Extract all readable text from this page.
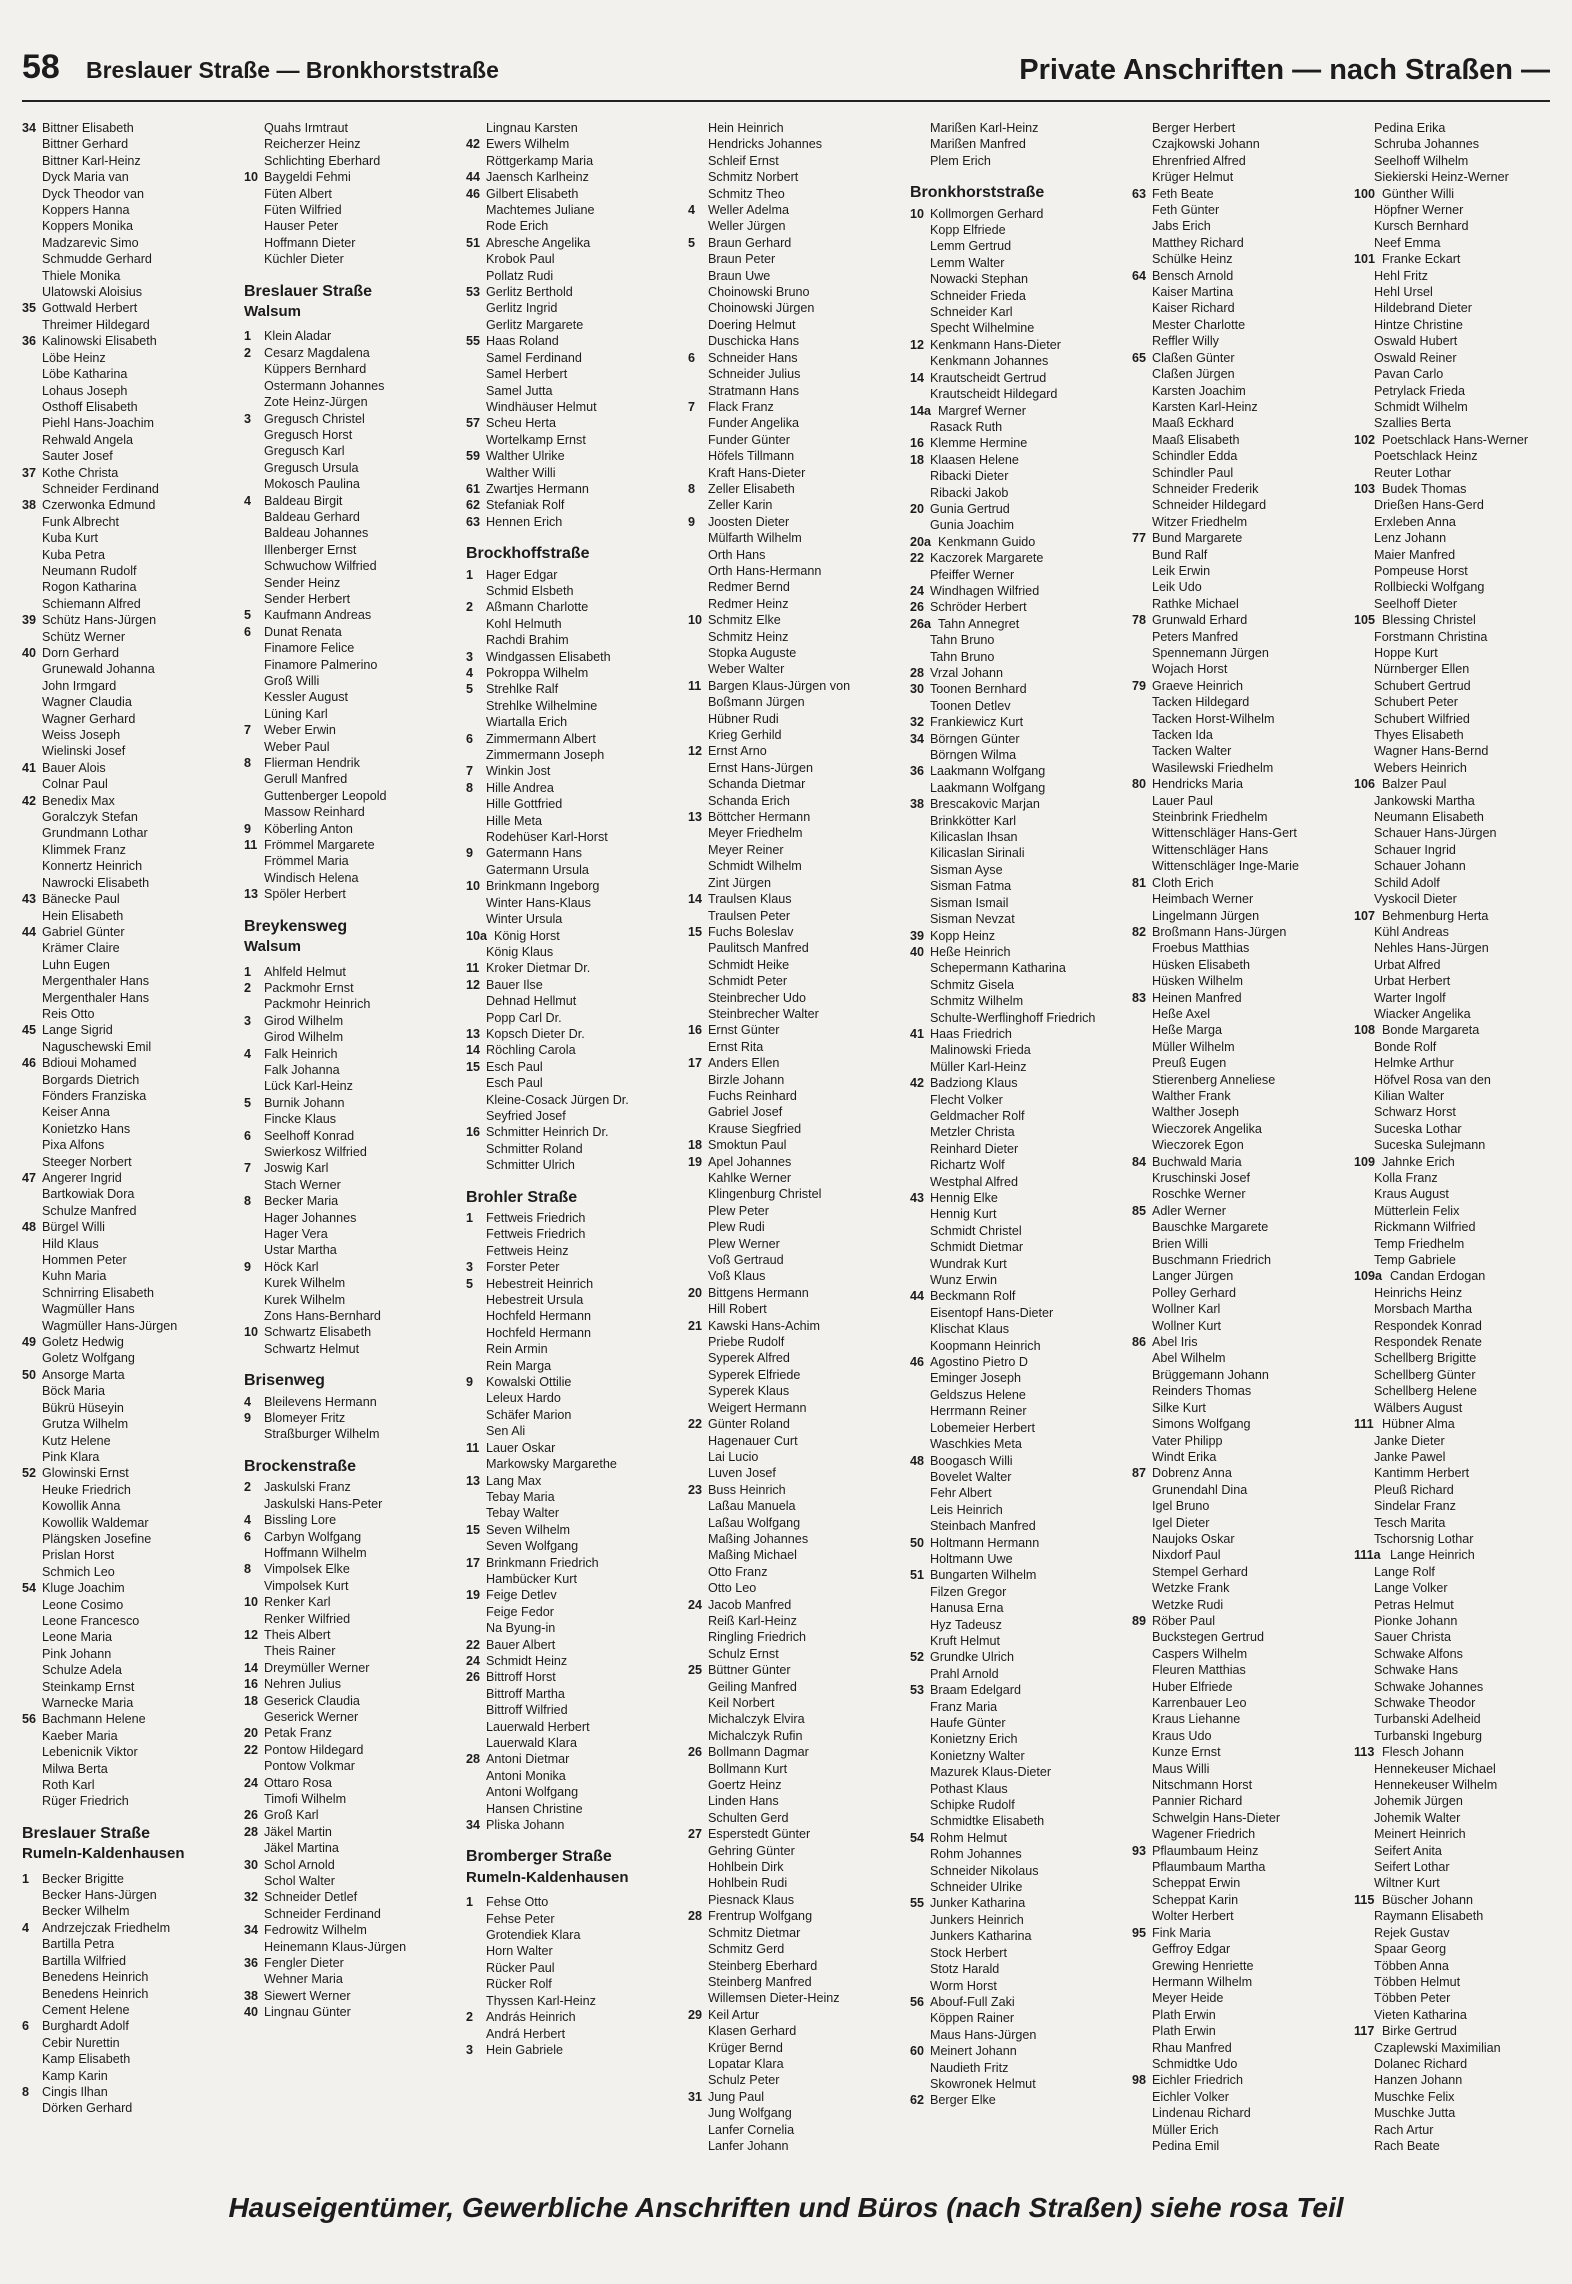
58 Breslauer Straße — Bronkhorststraße	Private Anschriften — nach Straßen —
34 Bittner Elisabeth
Bittner Gerhard
Bittner Karl-Heinz
Dyck Maria van
Dyck Theodor van
Koppers Hanna
Koppers Monika
Madzarevic Simo
Schmudde Gerhard
Thiele Monika
Ulatowski Aloisius
35 Gottwald Herbert
Threimer Hildegard
36 Kalinowski Elisabeth
Löbe Heinz
Löbe Katharina
Lohaus Joseph
Osthoff Elisabeth
Piehl Hans-Joachim
Rehwald Angela
Sauter Josef
37 Kothe Christa
Schneider Ferdinand
38 Czerwonka Edmund
Funk Albrecht
Kuba Kurt
Kuba Petra
Neumann Rudolf
Rogon Katharina
Schiemann Alfred
39 Schütz Hans-Jürgen
Schütz Werner
40 Dorn Gerhard
Grunewald Johanna
John Irmgard
Wagner Claudia
Wagner Gerhard
Weiss Joseph
Wielinski Josef
41 Bauer Alois
Colnar Paul
42 Benedix Max
Goralczyk Stefan
Grundmann Lothar
Klimmek Franz
Konnertz Heinrich
Nawrocki Elisabeth
43 Bänecke Paul
Hein Elisabeth
44 Gabriel Günter
Krämer Claire
Luhn Eugen
Mergenthaler Hans
Mergenthaler Hans
Reis Otto
45 Lange Sigrid
Naguschewski Emil
46 Bdioui Mohamed
Borgards Dietrich
Fönders Franziska
Keiser Anna
Konietzko Hans
Pixa Alfons
Steeger Norbert
47 Angerer Ingrid
Bartkowiak Dora
Schulze Manfred
48 Bürgel Willi
Hild Klaus
Hommen Peter
Kuhn Maria
Schnirring Elisabeth
Wagmüller Hans
Wagmüller Hans-Jürgen
49 Goletz Hedwig
Goletz Wolfgang
50 Ansorge Marta
Böck Maria
Bükrü Hüseyin
Grutza Wilhelm
Kutz Helene
Pink Klara
52 Glowinski Ernst
Heuke Friedrich
Kowollik Anna
Kowollik Waldemar
Plängsken Josefine
Prislan Horst
Schmich Leo
54 Kluge Joachim
Leone Cosimo
Leone Francesco
Leone Maria
Pink Johann
Schulze Adela
Steinkamp Ernst
Warnecke Maria
56 Bachmann Helene
Kaeber Maria
Lebenicnik Viktor
Milwa Berta
Roth Karl
Rüger Friedrich
Breslauer Straße
Rumeln-Kaldenhausen
1 Becker Brigitte
Becker Hans-Jürgen
Becker Wilhelm
4 Andrzejczak Friedhelm
Bartilla Petra
Bartilla Wilfried
Benedens Heinrich
Benedens Heinrich
Cement Helene
6 Burghardt Adolf
Cebir Nurettin
Kamp Elisabeth
Kamp Karin
8 Cingis Ilhan
Dörken Gerhard
Quahs Irmtraut
Reicherzer Heinz
Schlichting Eberhard
10 Baygeldi Fehmi
Füten Albert
Füten Wilfried
Hauser Peter
Hoffmann Dieter
Küchler Dieter
Breslauer Straße
Walsum
1 Klein Aladar
2 Cesarz Magdalena
Küppers Bernhard
Ostermann Johannes
Zote Heinz-Jürgen
3 Gregusch Christel
Gregusch Horst
Gregusch Karl
Gregusch Ursula
Mokosch Paulina
4 Baldeau Birgit
Baldeau Gerhard
Baldeau Johannes
Illenberger Ernst
Schwuchow Wilfried
Sender Heinz
Sender Herbert
5 Kaufmann Andreas
6 Dunat Renata
Finamore Felice
Finamore Palmerino
Groß Willi
Kessler August
Lüning Karl
7 Weber Erwin
Weber Paul
8 Flierman Hendrik
Gerull Manfred
Guttenberger Leopold
Massow Reinhard
9 Köberling Anton
11 Frömmel Margarete
Frömmel Maria
Windisch Helena
13 Spöler Herbert
Breykensweg
Walsum
1 Ahlfeld Helmut
2 Packmohr Ernst
Packmohr Heinrich
3 Girod Wilhelm
Girod Wilhelm
4 Falk Heinrich
Falk Johanna
Lück Karl-Heinz
5 Burnik Johann
Fincke Klaus
6 Seelhoff Konrad
Swierkosz Wilfried
7 Joswig Karl
Stach Werner
8 Becker Maria
Hager Johannes
Hager Vera
Ustar Martha
9 Höck Karl
Kurek Wilhelm
Kurek Wilhelm
Zons Hans-Bernhard
10 Schwartz Elisabeth
Schwartz Helmut
Brisenweg
4 Bleilevens Hermann
9 Blomeyer Fritz
Straßburger Wilhelm
Brockenstraße
2 Jaskulski Franz
Jaskulski Hans-Peter
4 Bissling Lore
6 Carbyn Wolfgang
Hoffmann Wilhelm
8 Vimpolsek Elke
Vimpolsek Kurt
10 Renker Karl
Renker Wilfried
12 Theis Albert
Theis Rainer
14 Dreymüller Werner
16 Nehren Julius
18 Geserick Claudia
Geserick Werner
20 Petak Franz
22 Pontow Hildegard
Pontow Volkmar
24 Ottaro Rosa
Timofi Wilhelm
26 Groß Karl
28 Jäkel Martin
Jäkel Martina
30 Schol Arnold
Schol Walter
32 Schneider Detlef
Schneider Ferdinand
34 Fedrowitz Wilhelm
Heinemann Klaus-Jürgen
36 Fengler Dieter
Wehner Maria
38 Siewert Werner
40 Lingnau Günter
Lingnau Karsten
42 Ewers Wilhelm
Röttgerkamp Maria
44 Jaensch Karlheinz
46 Gilbert Elisabeth
Machtemes Juliane
Rode Erich
51 Abresche Angelika
Krobok Paul
Pollatz Rudi
53 Gerlitz Berthold
Gerlitz Ingrid
Gerlitz Margarete
55 Haas Roland
Samel Ferdinand
Samel Herbert
Samel Jutta
Windhäuser Helmut
57 Scheu Herta
Wortelkamp Ernst
59 Walther Ulrike
Walther Willi
61 Zwartjes Hermann
62 Stefaniak Rolf
63 Hennen Erich
Brockhoffstraße
1 Hager Edgar
Schmid Elsbeth
2 Aßmann Charlotte
Kohl Helmuth
Rachdi Brahim
3 Windgassen Elisabeth
4 Pokroppa Wilhelm
5 Strehlke Ralf
Strehlke Wilhelmine
Wiartalla Erich
6 Zimmermann Albert
Zimmermann Joseph
7 Winkin Jost
8 Hille Andrea
Hille Gottfried
Hille Meta
Rodehüser Karl-Horst
9 Gatermann Hans
Gatermann Ursula
10 Brinkmann Ingeborg
Winter Hans-Klaus
Winter Ursula
10a König Horst
König Klaus
11 Kroker Dietmar Dr.
12 Bauer Ilse
Dehnad Hellmut
Popp Carl Dr.
13 Kopsch Dieter Dr.
14 Röchling Carola
15 Esch Paul
Esch Paul
Kleine-Cosack Jürgen Dr.
Seyfried Josef
16 Schmitter Heinrich Dr.
Schmitter Roland
Schmitter Ulrich
Brohler Straße
1 Fettweis Friedrich
Fettweis Friedrich
Fettweis Heinz
3 Forster Peter
5 Hebestreit Heinrich
Hebestreit Ursula
Hochfeld Hermann
Hochfeld Hermann
Rein Armin
Rein Marga
9 Kowalski Ottilie
Leleux Hardo
Schäfer Marion
Sen Ali
11 Lauer Oskar
Markowsky Margarethe
13 Lang Max
Tebay Maria
Tebay Walter
15 Seven Wilhelm
Seven Wolfgang
17 Brinkmann Friedrich
Hambücker Kurt
19 Feige Detlev
Feige Fedor
Na Byung-in
22 Bauer Albert
24 Schmidt Heinz
26 Bittroff Horst
Bittroff Martha
Bittroff Wilfried
Lauerwald Herbert
Lauerwald Klara
28 Antoni Dietmar
Antoni Monika
Antoni Wolfgang
Hansen Christine
34 Pliska Johann
Bromberger Straße
Rumeln-Kaldenhausen
1 Fehse Otto
Fehse Peter
Grotendiek Klara
Horn Walter
Rücker Paul
Rücker Rolf
Thyssen Karl-Heinz
2 András Heinrich
Andrá Herbert
3 Hein Gabriele
Hein Heinrich
Hendricks Johannes
Schleif Ernst
Schmitz Norbert
Schmitz Theo
4 Weller Adelma
Weller Jürgen
5 Braun Gerhard
Braun Peter
Braun Uwe
Choinowski Bruno
Choinowski Jürgen
Doering Helmut
Duschicka Hans
6 Schneider Hans
Schneider Julius
Stratmann Hans
7 Flack Franz
Funder Angelika
Funder Günter
Höfels Tillmann
Kraft Hans-Dieter
8 Zeller Elisabeth
Zeller Karin
9 Joosten Dieter
Mülfarth Wilhelm
Orth Hans
Orth Hans-Hermann
Redmer Bernd
Redmer Heinz
10 Schmitz Elke
Schmitz Heinz
Stopka Auguste
Weber Walter
11 Bargen Klaus-Jürgen von
Boßmann Jürgen
Hübner Rudi
Krieg Gerhild
12 Ernst Arno
Ernst Hans-Jürgen
Schanda Dietmar
Schanda Erich
13 Böttcher Hermann
Meyer Friedhelm
Meyer Reiner
Schmidt Wilhelm
Zint Jürgen
14 Traulsen Klaus
Traulsen Peter
15 Fuchs Boleslav
Paulitsch Manfred
Schmidt Heike
Schmidt Peter
Steinbrecher Udo
Steinbrecher Walter
16 Ernst Günter
Ernst Rita
17 Anders Ellen
Birzle Johann
Fuchs Reinhard
Gabriel Josef
Krause Siegfried
18 Smoktun Paul
19 Apel Johannes
Kahlke Werner
Klingenburg Christel
Plew Peter
Plew Rudi
Plew Werner
Voß Gertraud
Voß Klaus
20 Bittgens Hermann
Hill Robert
21 Kawski Hans-Achim
Priebe Rudolf
Syperek Alfred
Syperek Elfriede
Syperek Klaus
Weigert Hermann
22 Günter Roland
Hagenauer Curt
Lai Lucio
Luven Josef
23 Buss Heinrich
Laßau Manuela
Laßau Wolfgang
Maßing Johannes
Maßing Michael
Otto Franz
Otto Leo
24 Jacob Manfred
Reiß Karl-Heinz
Ringling Friedrich
Schulz Ernst
25 Büttner Günter
Geiling Manfred
Keil Norbert
Michalczyk Elvira
Michalczyk Rufin
26 Bollmann Dagmar
Bollmann Kurt
Goertz Heinz
Linden Hans
Schulten Gerd
27 Esperstedt Günter
Gehring Günter
Hohlbein Dirk
Hohlbein Rudi
Piesnack Klaus
28 Frentrup Wolfgang
Schmitz Dietmar
Schmitz Gerd
Steinberg Eberhard
Steinberg Manfred
Willemsen Dieter-Heinz
29 Keil Artur
Klasen Gerhard
Krüger Bernd
Lopatar Klara
Schulz Peter
31 Jung Paul
Jung Wolfgang
Lanfer Cornelia
Lanfer Johann
Marißen Karl-Heinz
Marißen Manfred
Plem Erich
Bronkhorststraße
10 Kollmorgen Gerhard
Kopp Elfriede
Lemm Gertrud
Lemm Walter
Nowacki Stephan
Schneider Frieda
Schneider Karl
Specht Wilhelmine
12 Kenkmann Hans-Dieter
Kenkmann Johannes
14 Krautscheidt Gertrud
Krautscheidt Hildegard
14a Margref Werner
Rasack Ruth
16 Klemme Hermine
18 Klaasen Helene
Ribacki Dieter
Ribacki Jakob
20 Gunia Gertrud
Gunia Joachim
20a Kenkmann Guido
22 Kaczorek Margarete
Pfeiffer Werner
24 Windhagen Wilfried
26 Schröder Herbert
26a Tahn Annegret
Tahn Bruno
Tahn Bruno
28 Vrzal Johann
30 Toonen Bernhard
Toonen Detlev
32 Frankiewicz Kurt
34 Börngen Günter
Börngen Wilma
36 Laakmann Wolfgang
Laakmann Wolfgang
38 Brescakovic Marjan
Brinkkötter Karl
Kilicaslan Ihsan
Kilicaslan Sirinali
Sisman Ayse
Sisman Fatma
Sisman Ismail
Sisman Nevzat
39 Kopp Heinz
40 Heße Heinrich
Schepermann Katharina
Schmitz Gisela
Schmitz Wilhelm
Schulte-Werflinghoff Friedrich
41 Haas Friedrich
Malinowski Frieda
Müller Karl-Heinz
42 Badziong Klaus
Flecht Volker
Geldmacher Rolf
Metzler Christa
Reinhard Dieter
Richartz Wolf
Westphal Alfred
43 Hennig Elke
Hennig Kurt
Schmidt Christel
Schmidt Dietmar
Wundrak Kurt
Wunz Erwin
44 Beckmann Rolf
Eisentopf Hans-Dieter
Klischat Klaus
Koopmann Heinrich
46 Agostino Pietro D
Eminger Joseph
Geldszus Helene
Herrmann Reiner
Lobemeier Herbert
Waschkies Meta
48 Boogasch Willi
Bovelet Walter
Fehr Albert
Leis Heinrich
Steinbach Manfred
50 Holtmann Hermann
Holtmann Uwe
51 Bungarten Wilhelm
Filzen Gregor
Hanusa Erna
Hyz Tadeusz
Kruft Helmut
52 Grundke Ulrich
Prahl Arnold
53 Braam Edelgard
Franz Maria
Haufe Günter
Konietzny Erich
Konietzny Walter
Mazurek Klaus-Dieter
Pothast Klaus
Schipke Rudolf
Schmidtke Elisabeth
54 Rohm Helmut
Rohm Johannes
Schneider Nikolaus
Schneider Ulrike
55 Junker Katharina
Junkers Heinrich
Junkers Katharina
Stock Herbert
Stotz Harald
Worm Horst
56 Abouf-Full Zaki
Köppen Rainer
Maus Hans-Jürgen
60 Meinert Johann
Naudieth Fritz
Skowronek Helmut
62 Berger Elke
Berger Herbert
Czajkowski Johann
Ehrenfried Alfred
Krüger Helmut
63 Feth Beate
Feth Günter
Jabs Erich
Matthey Richard
Schülke Heinz
64 Bensch Arnold
Kaiser Martina
Kaiser Richard
Mester Charlotte
Reffler Willy
65 Claßen Günter
Claßen Jürgen
Karsten Joachim
Karsten Karl-Heinz
Maaß Eckhard
Maaß Elisabeth
Schindler Edda
Schindler Paul
Schneider Frederik
Schneider Hildegard
Witzer Friedhelm
77 Bund Margarete
Bund Ralf
Leik Erwin
Leik Udo
Rathke Michael
78 Grunwald Erhard
Peters Manfred
Spennemann Jürgen
Wojach Horst
79 Graeve Heinrich
Tacken Hildegard
Tacken Horst-Wilhelm
Tacken Ida
Tacken Walter
Wasilewski Friedhelm
80 Hendricks Maria
Lauer Paul
Steinbrink Friedhelm
Wittenschläger Hans-Gert
Wittenschläger Hans
Wittenschläger Inge-Marie
81 Cloth Erich
Heimbach Werner
Lingelmann Jürgen
82 Broßmann Hans-Jürgen
Froebus Matthias
Hüsken Elisabeth
Hüsken Wilhelm
83 Heinen Manfred
Heße Axel
Heße Marga
Müller Wilhelm
Preuß Eugen
Stierenberg Anneliese
Walther Frank
Walther Joseph
Wieczorek Angelika
Wieczorek Egon
84 Buchwald Maria
Kruschinski Josef
Roschke Werner
85 Adler Werner
Bauschke Margarete
Brien Willi
Buschmann Friedrich
Langer Jürgen
Polley Gerhard
Wollner Karl
Wollner Kurt
86 Abel Iris
Abel Wilhelm
Brüggemann Johann
Reinders Thomas
Silke Kurt
Simons Wolfgang
Vater Philipp
Windt Erika
87 Dobrenz Anna
Grunendahl Dina
Igel Bruno
Igel Dieter
Naujoks Oskar
Nixdorf Paul
Stempel Gerhard
Wetzke Frank
Wetzke Rudi
89 Röber Paul
Buckstegen Gertrud
Caspers Wilhelm
Fleuren Matthias
Huber Elfriede
Karrenbauer Leo
Kraus Liehanne
Kraus Udo
Kunze Ernst
Maus Willi
Nitschmann Horst
Pannier Richard
Schwelgin Hans-Dieter
Wagener Friedrich
93 Pflaumbaum Heinz
Pflaumbaum Martha
Scheppat Erwin
Scheppat Karin
Wolter Herbert
95 Fink Maria
Geffroy Edgar
Grewing Henriette
Hermann Wilhelm
Meyer Heide
Plath Erwin
Plath Erwin
Rhau Manfred
Schmidtke Udo
98 Eichler Friedrich
Eichler Volker
Lindenau Richard
Müller Erich
Pedina Emil
Pedina Erika
Schruba Johannes
Seelhoff Wilhelm
Siekierski Heinz-Werner
100 Günther Willi
Höpfner Werner
Kursch Bernhard
Neef Emma
101 Franke Eckart
Hehl Fritz
Hehl Ursel
Hildebrand Dieter
Hintze Christine
Oswald Hubert
Oswald Reiner
Pavan Carlo
Petrylack Frieda
Schmidt Wilhelm
Szallies Berta
102 Poetschlack Hans-Werner
Poetschlack Heinz
Reuter Lothar
103 Budek Thomas
Drießen Hans-Gerd
Erxleben Anna
Lenz Johann
Maier Manfred
Pompeuse Horst
Rollbiecki Wolfgang
Seelhoff Dieter
105 Blessing Christel
Forstmann Christina
Hoppe Kurt
Nürnberger Ellen
Schubert Gertrud
Schubert Peter
Schubert Wilfried
Thyes Elisabeth
Wagner Hans-Bernd
Webers Heinrich
106 Balzer Paul
Jankowski Martha
Neumann Elisabeth
Schauer Hans-Jürgen
Schauer Ingrid
Schauer Johann
Schild Adolf
Vyskocil Dieter
107 Behmenburg Herta
Kühl Andreas
Nehles Hans-Jürgen
Urbat Alfred
Urbat Herbert
Warter Ingolf
Wiacker Angelika
108 Bonde Margareta
Bonde Rolf
Helmke Arthur
Höfvel Rosa van den
Kilian Walter
Schwarz Horst
Suceska Lothar
Suceska Sulejmann
109 Jahnke Erich
Kolla Franz
Kraus August
Mütterlein Felix
Rickmann Wilfried
Temp Friedhelm
Temp Gabriele
109a Candan Erdogan
Heinrichs Heinz
Morsbach Martha
Respondek Konrad
Respondek Renate
Schellberg Brigitte
Schellberg Günter
Schellberg Helene
Wälbers August
111 Hübner Alma
Janke Dieter
Janke Pawel
Kantimm Herbert
Pleuß Richard
Sindelar Franz
Tesch Marita
Tschorsnig Lothar
111a Lange Heinrich
Lange Rolf
Lange Volker
Petras Helmut
Pionke Johann
Sauer Christa
Schwake Alfons
Schwake Hans
Schwake Johannes
Schwake Theodor
Turbanski Adelheid
Turbanski Ingeburg
113 Flesch Johann
Hennekeuser Michael
Hennekeuser Wilhelm
Johemik Jürgen
Johemik Walter
Meinert Heinrich
Seifert Anita
Seifert Lothar
Wiltner Kurt
115 Büscher Johann
Raymann Elisabeth
Rejek Gustav
Spaar Georg
Többen Anna
Többen Helmut
Többen Peter
Vieten Katharina
117 Birke Gertrud
Czaplewski Maximilian
Dolanec Richard
Hanzen Johann
Muschke Felix
Muschke Jutta
Rach Artur
Rach Beate
Hauseigentümer, Gewerbliche Anschriften und Büros (nach Straßen) siehe rosa Teil
